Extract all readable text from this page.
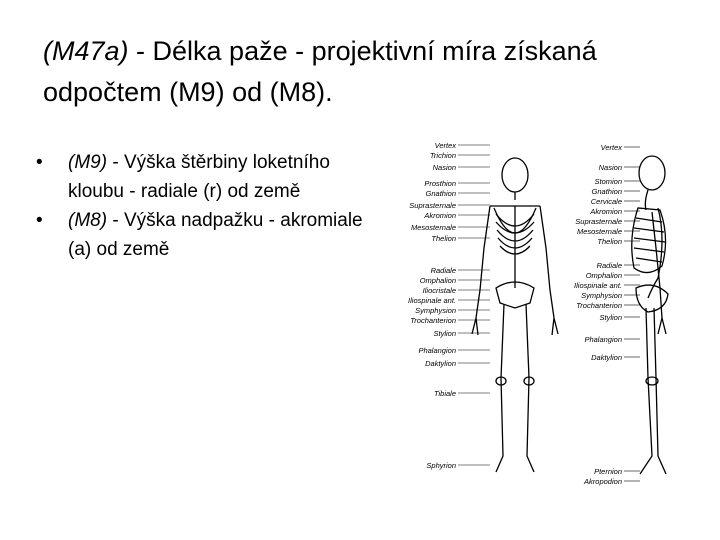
(M47a) - Délka paže - projektivní míra získaná odpočtem (M9) od (M8).
• (M9) - Výška štěrbiny loketního kloubu - radiale (r) od země
• (M8) - Výška nadpažku - akromiale (a) od země
Vertex
Trichion
Nasion
Prosthion
Gnathion
Suprasternale
Akromion
Mesosternale
Thelion
Radiale
Omphalion
Iliocristale
Iliospinale ant.
Symphysion
Trochanterion
Stylion
Phalangion
Daktylion
Tibiale
Sphyrion
Vertex
Nasion
Stomion
Gnathion
Cervicale
Akromion
Suprasternale
Mesosternale
Thelion
Radiale
Omphalion
Iliospinale ant.
Symphysion
Trochanterion
Stylion
Phalangion
Daktylion
Pternion
Akropodion
